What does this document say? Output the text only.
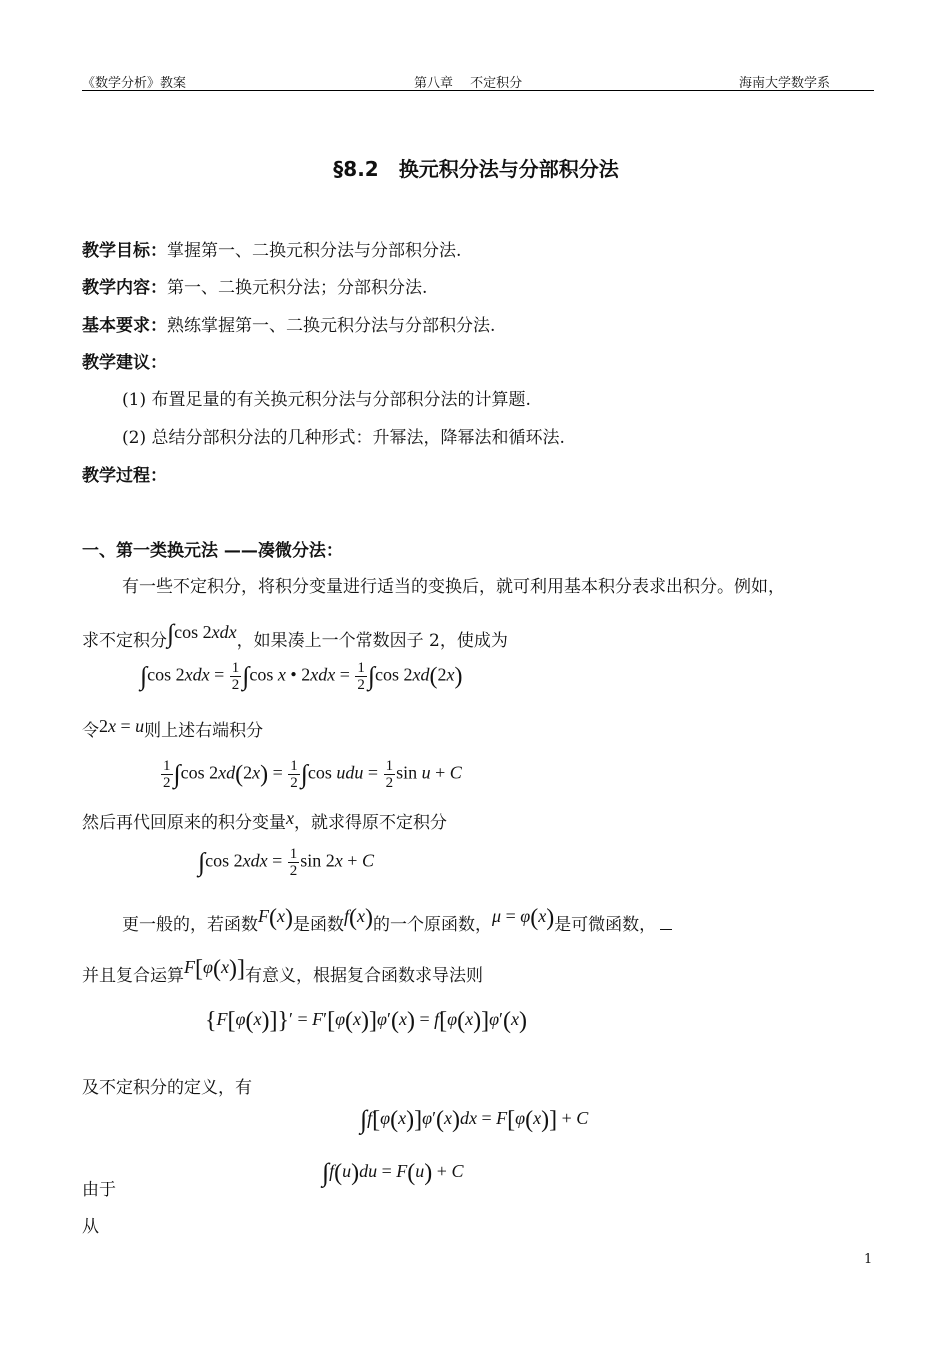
《数学分析》教案	第八章　 不定积分	海南大学数学系
§8.2　换元积分法与分部积分法
教学目标：掌握第一、二换元积分法与分部积分法.
教学内容：第一、二换元积分法；分部积分法.
基本要求：熟练掌握第一、二换元积分法与分部积分法.
教学建议：
(1) 布置足量的有关换元积分法与分部积分法的计算题.
(2) 总结分部积分法的几种形式：升幂法，降幂法和循环法.
教学过程：
一、第一类换元法 ——凑微分法：
有一些不定积分，将积分变量进行适当的变换后，就可利用基本积分表求出积分。例如，
求不定积分∫cos 2xdx，如果凑上一个常数因子 2，使成为
∫cos $2xdx = \frac{1}{2} \int\cos$ x • $2xdx = \frac{1}{2} \int\cos$ 2xd(2x)
令2x = u则上述右端积分
$\frac{1}{2} \int\cos$ $2xd(2x) = \frac{1}{2} \int\cos$ udu = $\frac{1}{2}$ sin u + C
然后再代回原来的积分变量x，就求得原不定积分
∫cos $2xdx = \frac{1}{2}$ sin 2x + C
更一般的，若函数F(x)是函数f(x)的一个原函数，μ = φ(x)是可微函数，
并且复合运算F[φ(x)]有意义，根据复合函数求导法则
{F[φ(x)]}′ = F′[φ(x)]φ′(x) = f[φ(x)]φ′(x)
及不定积分的定义，有
∫f[φ(x)]φ′(x)dx = F[φ(x)] + C
∫f(u)du = F(u) + C
由于
从
1
